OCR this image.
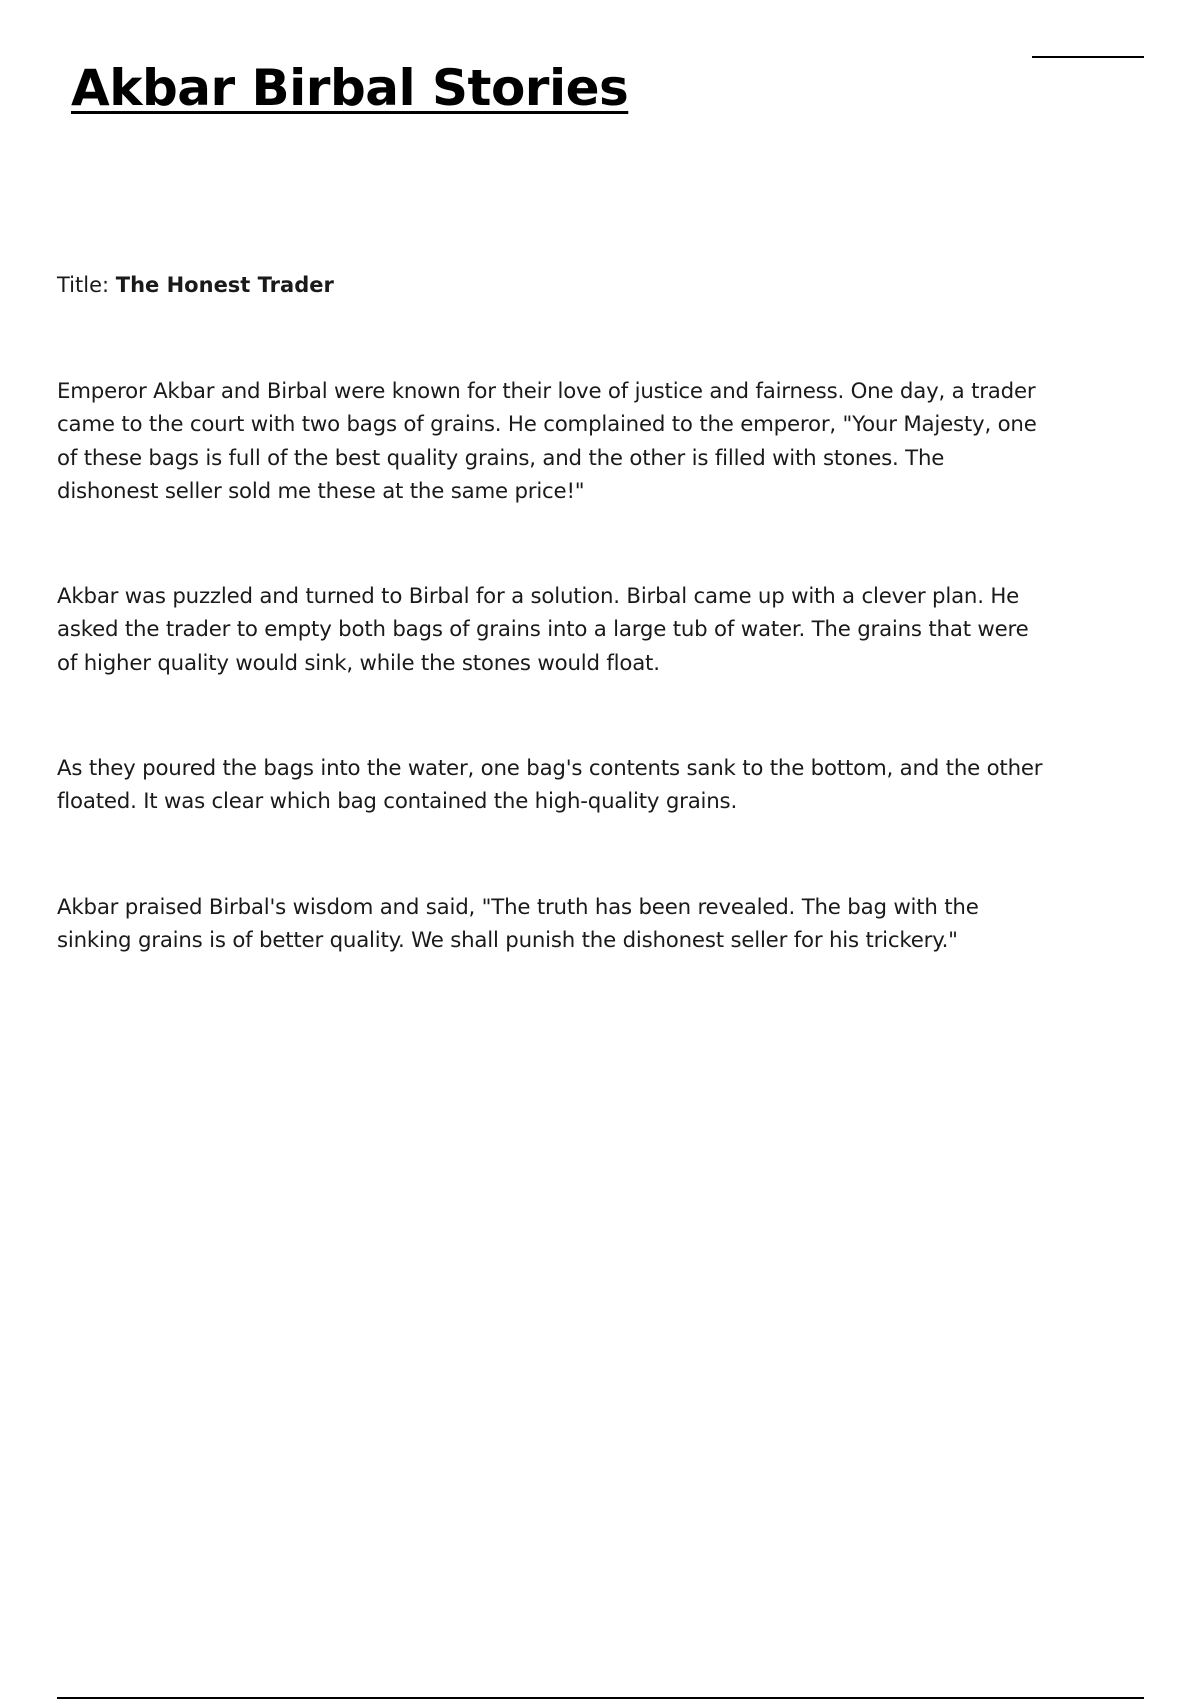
Akbar Birbal Stories

Title: The Honest Trader

Emperor Akbar and Birbal were known for their love of justice and fairness. One day, a trader came to the court with two bags of grains. He complained to the emperor, "Your Majesty, one of these bags is full of the best quality grains, and the other is filled with stones. The dishonest seller sold me these at the same price!"

Akbar was puzzled and turned to Birbal for a solution. Birbal came up with a clever plan. He asked the trader to empty both bags of grains into a large tub of water. The grains that were of higher quality would sink, while the stones would float.

As they poured the bags into the water, one bag's contents sank to the bottom, and the other floated. It was clear which bag contained the high-quality grains.

Akbar praised Birbal's wisdom and said, "The truth has been revealed. The bag with the sinking grains is of better quality. We shall punish the dishonest seller for his trickery."
